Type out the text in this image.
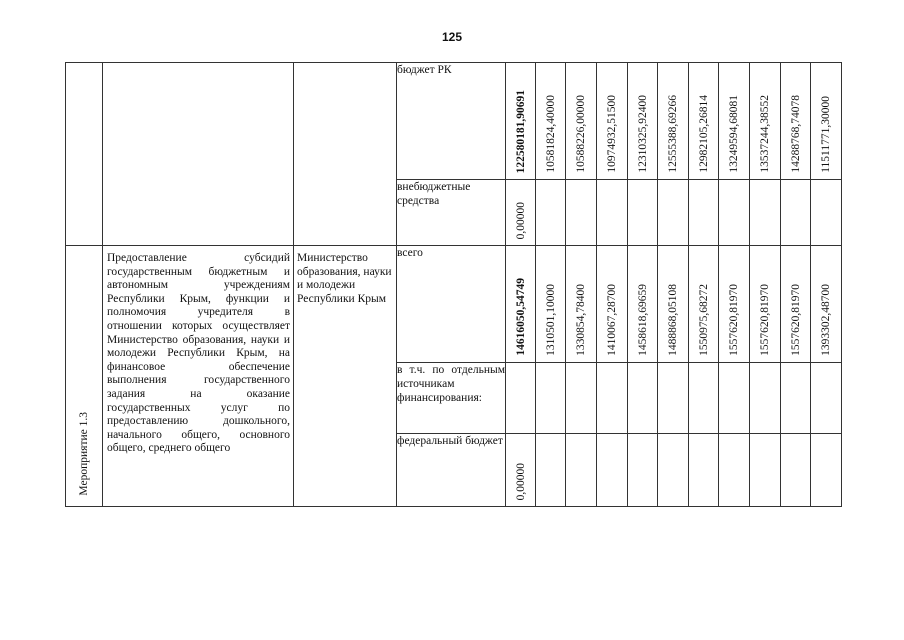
125
			бюджет РК	122580181,90691	10581824,40000	10588226,00000	10974932,51500	12310325,92400	12555388,69266	12982105,26814	13249594,68081	13537244,38552	14288768,74078	11511771,30000

			внебюджетные средства	0,00000										

Мероприятие 1.3	Предоставление субсидий государственным бюджетным и автономным учреждениям Республики Крым, функции и полномочия учредителя в отношении которых осуществляет Министерство образования, науки и молодежи Республики Крым, на финансовое обеспечение выполнения государственного задания на оказание государственных услуг по предоставлению дошкольного, начального общего, основного общего, среднего общего	Министерство образования, науки и молодежи Республики Крым	всего	14616050,54749	1310501,10000	1330854,78400	1410067,28700	1458618,69659	1488868,05108	1550975,68272	1557620,81970	1557620,81970	1557620,81970	1393302,48700

			в т.ч. по отдельным источникам финансирования:											
			федеральный бюджет	0,00000										
